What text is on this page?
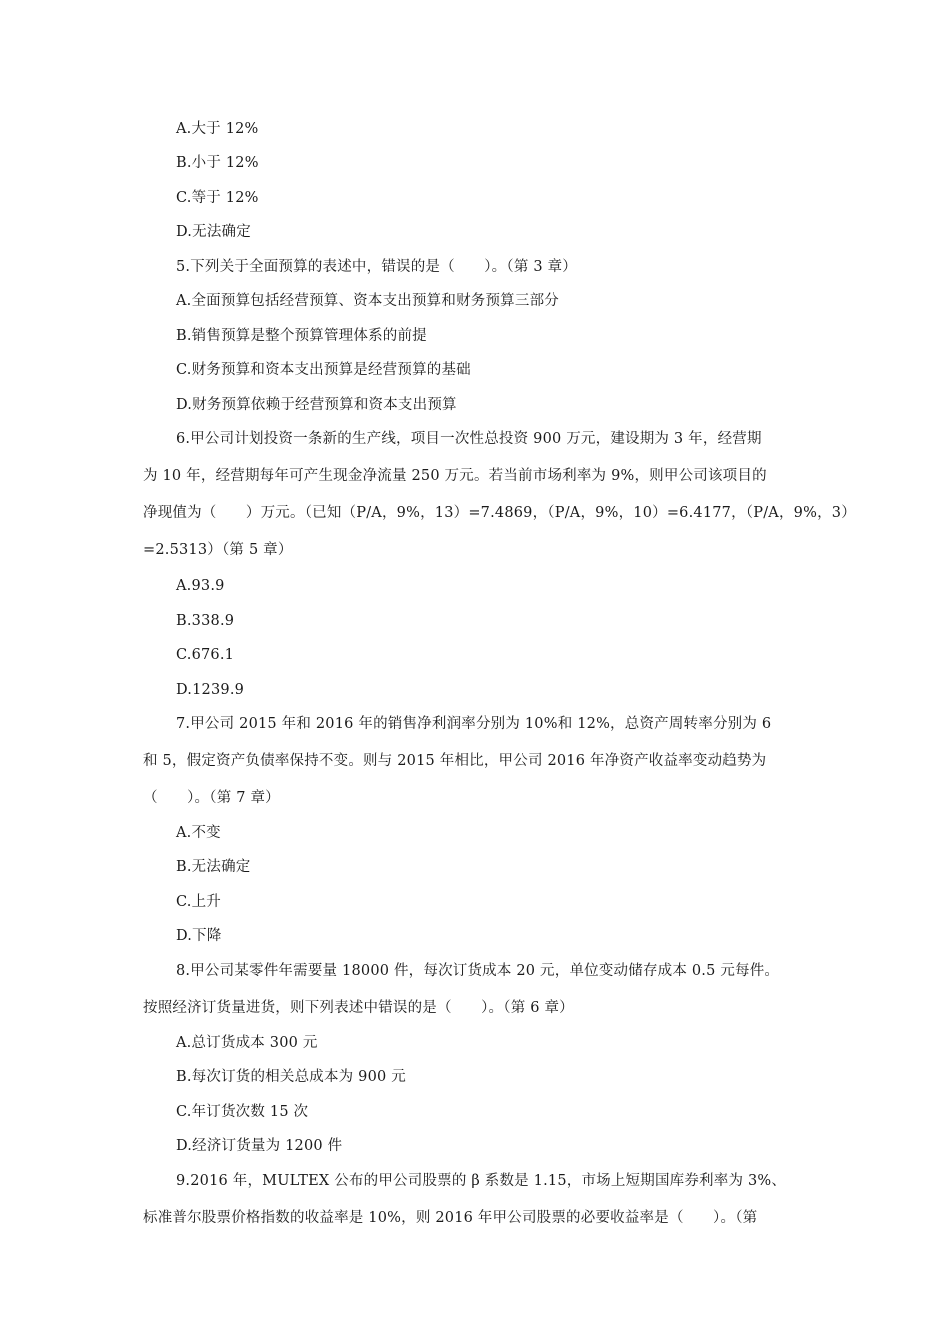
A.大于 12%
B.小于 12%
C.等于 12%
D.无法确定
5.下列关于全面预算的表述中，错误的是（　　）。（第 3 章）
A.全面预算包括经营预算、资本支出预算和财务预算三部分
B.销售预算是整个预算管理体系的前提
C.财务预算和资本支出预算是经营预算的基础
D.财务预算依赖于经营预算和资本支出预算
6.甲公司计划投资一条新的生产线，项目一次性总投资 900 万元，建设期为 3 年，经营期
为 10 年，经营期每年可产生现金净流量 250 万元。若当前市场利率为 9%，则甲公司该项目的
净现值为（　　）万元。（已知（P/A，9%，13）=7.4869，（P/A，9%，10）=6.4177，（P/A，9%，3）
=2.5313）（第 5 章）
A.93.9
B.338.9
C.676.1
D.1239.9
7.甲公司 2015 年和 2016 年的销售净利润率分别为 10%和 12%，总资产周转率分别为 6
和 5，假定资产负债率保持不变。则与 2015 年相比，甲公司 2016 年净资产收益率变动趋势为
（　　）。（第 7 章）
A.不变
B.无法确定
C.上升
D.下降
8.甲公司某零件年需要量 18000 件，每次订货成本 20 元，单位变动储存成本 0.5 元每件。
按照经济订货量进货，则下列表述中错误的是（　　）。（第 6 章）
A.总订货成本 300 元
B.每次订货的相关总成本为 900 元
C.年订货次数 15 次
D.经济订货量为 1200 件
9.2016 年，MULTEX 公布的甲公司股票的 β 系数是 1.15，市场上短期国库券利率为 3%、
标准普尔股票价格指数的收益率是 10%，则 2016 年甲公司股票的必要收益率是（　　）。（第
